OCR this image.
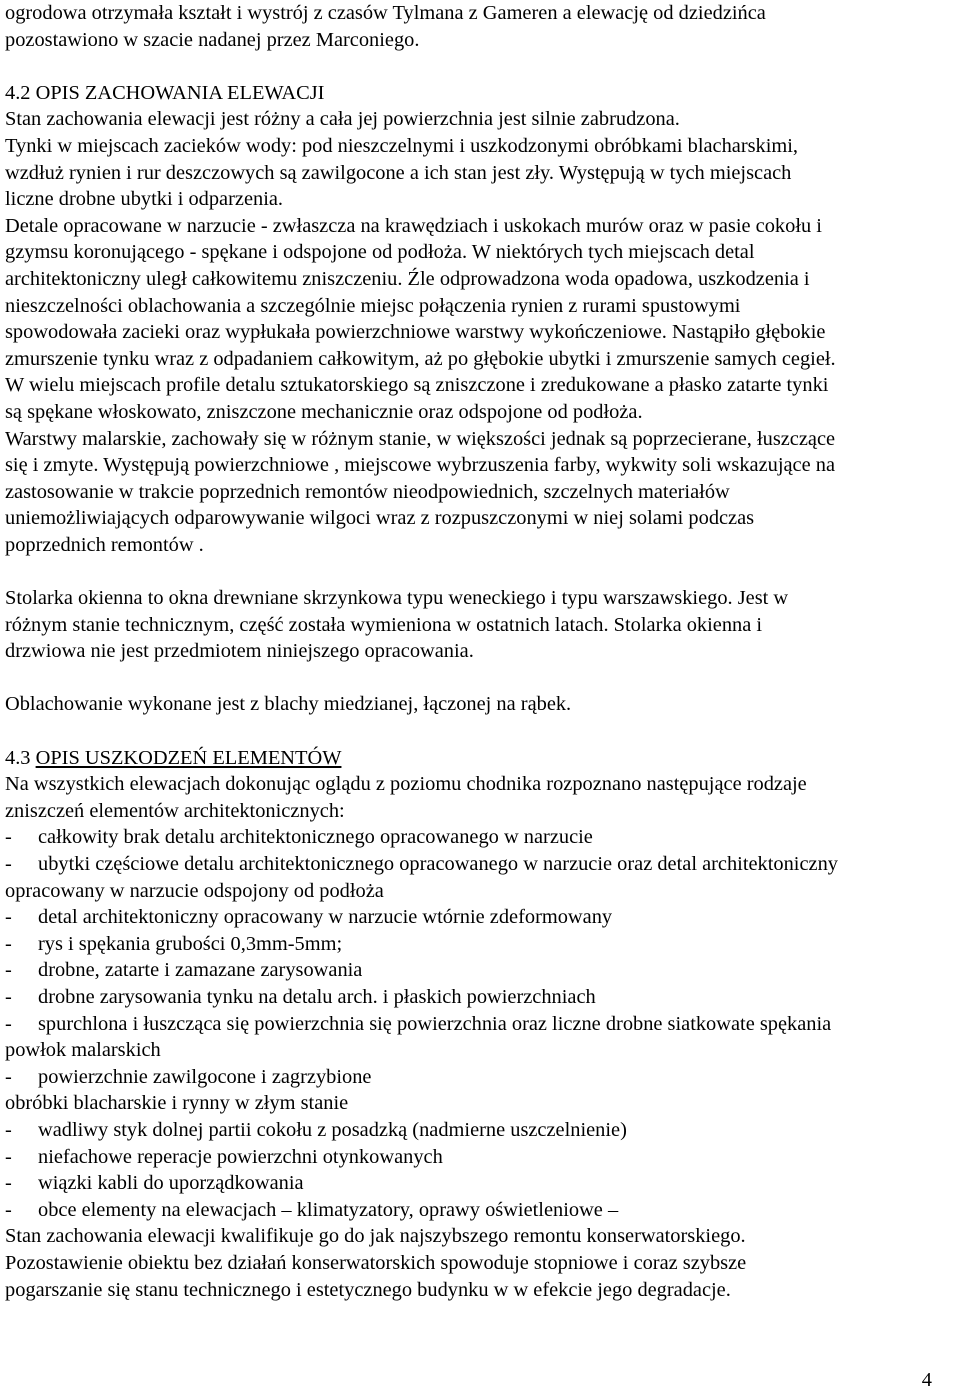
ogrodowa otrzymała kształt i wystrój z czasów Tylmana z Gameren a elewację od dziedzińca
pozostawiono w szacie nadanej przez Marconiego.
4.2 OPIS ZACHOWANIA ELEWACJI
Stan zachowania elewacji jest różny a cała jej powierzchnia jest silnie zabrudzona.
Tynki w miejscach zacieków wody: pod nieszczelnymi i uszkodzonymi obróbkami blacharskimi,
wzdłuż rynien i rur deszczowych są zawilgocone a ich stan jest zły. Występują w tych miejscach
liczne drobne ubytki i odparzenia.
Detale opracowane w narzucie - zwłaszcza na krawędziach i uskokach murów oraz w pasie cokołu i
gzymsu koronującego - spękane i odspojone od podłoża. W niektórych tych miejscach detal
architektoniczny uległ całkowitemu zniszczeniu. Źle odprowadzona woda opadowa, uszkodzenia i
nieszczelności oblachowania a szczególnie miejsc połączenia rynien z rurami spustowymi
spowodowała zacieki oraz wypłukała powierzchniowe warstwy wykończeniowe. Nastąpiło głębokie
zmurszenie tynku wraz z odpadaniem całkowitym, aż po głębokie ubytki i zmurszenie samych cegieł.
W wielu miejscach profile detalu sztukatorskiego są zniszczone i zredukowane a płasko zatarte tynki
są spękane włoskowato, zniszczone mechanicznie oraz odspojone od podłoża.
Warstwy malarskie, zachowały się w różnym stanie, w większości jednak są poprzecierane, łuszczące
się i zmyte. Występują powierzchniowe , miejscowe wybrzuszenia farby, wykwity soli wskazujące na
zastosowanie w trakcie poprzednich remontów nieodpowiednich, szczelnych materiałów
uniemożliwiających odparowywanie wilgoci wraz z rozpuszczonymi w niej solami podczas
poprzednich remontów .
Stolarka okienna to okna drewniane skrzynkowa typu weneckiego i typu warszawskiego. Jest w
różnym stanie technicznym, część została wymieniona w ostatnich latach. Stolarka okienna i
drzwiowa nie jest przedmiotem niniejszego opracowania.
Oblachowanie wykonane jest z blachy miedzianej, łączonej na rąbek.
4.3 OPIS USZKODZEŃ ELEMENTÓW
Na wszystkich elewacjach dokonując oglądu z poziomu chodnika rozpoznano następujące rodzaje
zniszczeń elementów architektonicznych:
- całkowity brak detalu architektonicznego opracowanego w narzucie
- ubytki częściowe detalu architektonicznego opracowanego w narzucie oraz detal architektoniczny
opracowany w narzucie odspojony od podłoża
- detal architektoniczny opracowany w narzucie wtórnie zdeformowany
- rys i spękania grubości 0,3mm-5mm;
- drobne, zatarte i zamazane zarysowania
- drobne zarysowania tynku na detalu arch. i płaskich powierzchniach
- spurchlona i łuszcząca się powierzchnia się powierzchnia oraz liczne drobne siatkowate spękania
powłok malarskich
- powierzchnie zawilgocone i zagrzybione
obróbki blacharskie i rynny w złym stanie
- wadliwy styk dolnej partii cokołu z posadzką (nadmierne uszczelnienie)
- niefachowe reperacje powierzchni otynkowanych
- wiązki kabli do uporządkowania
- obce elementy na elewacjach – klimatyzatory, oprawy oświetleniowe –
Stan zachowania elewacji kwalifikuje go do jak najszybszego remontu konserwatorskiego.
Pozostawienie obiektu bez działań konserwatorskich spowoduje stopniowe i coraz szybsze
pogarszanie się stanu technicznego i estetycznego budynku w w efekcie jego degradacje.
4
